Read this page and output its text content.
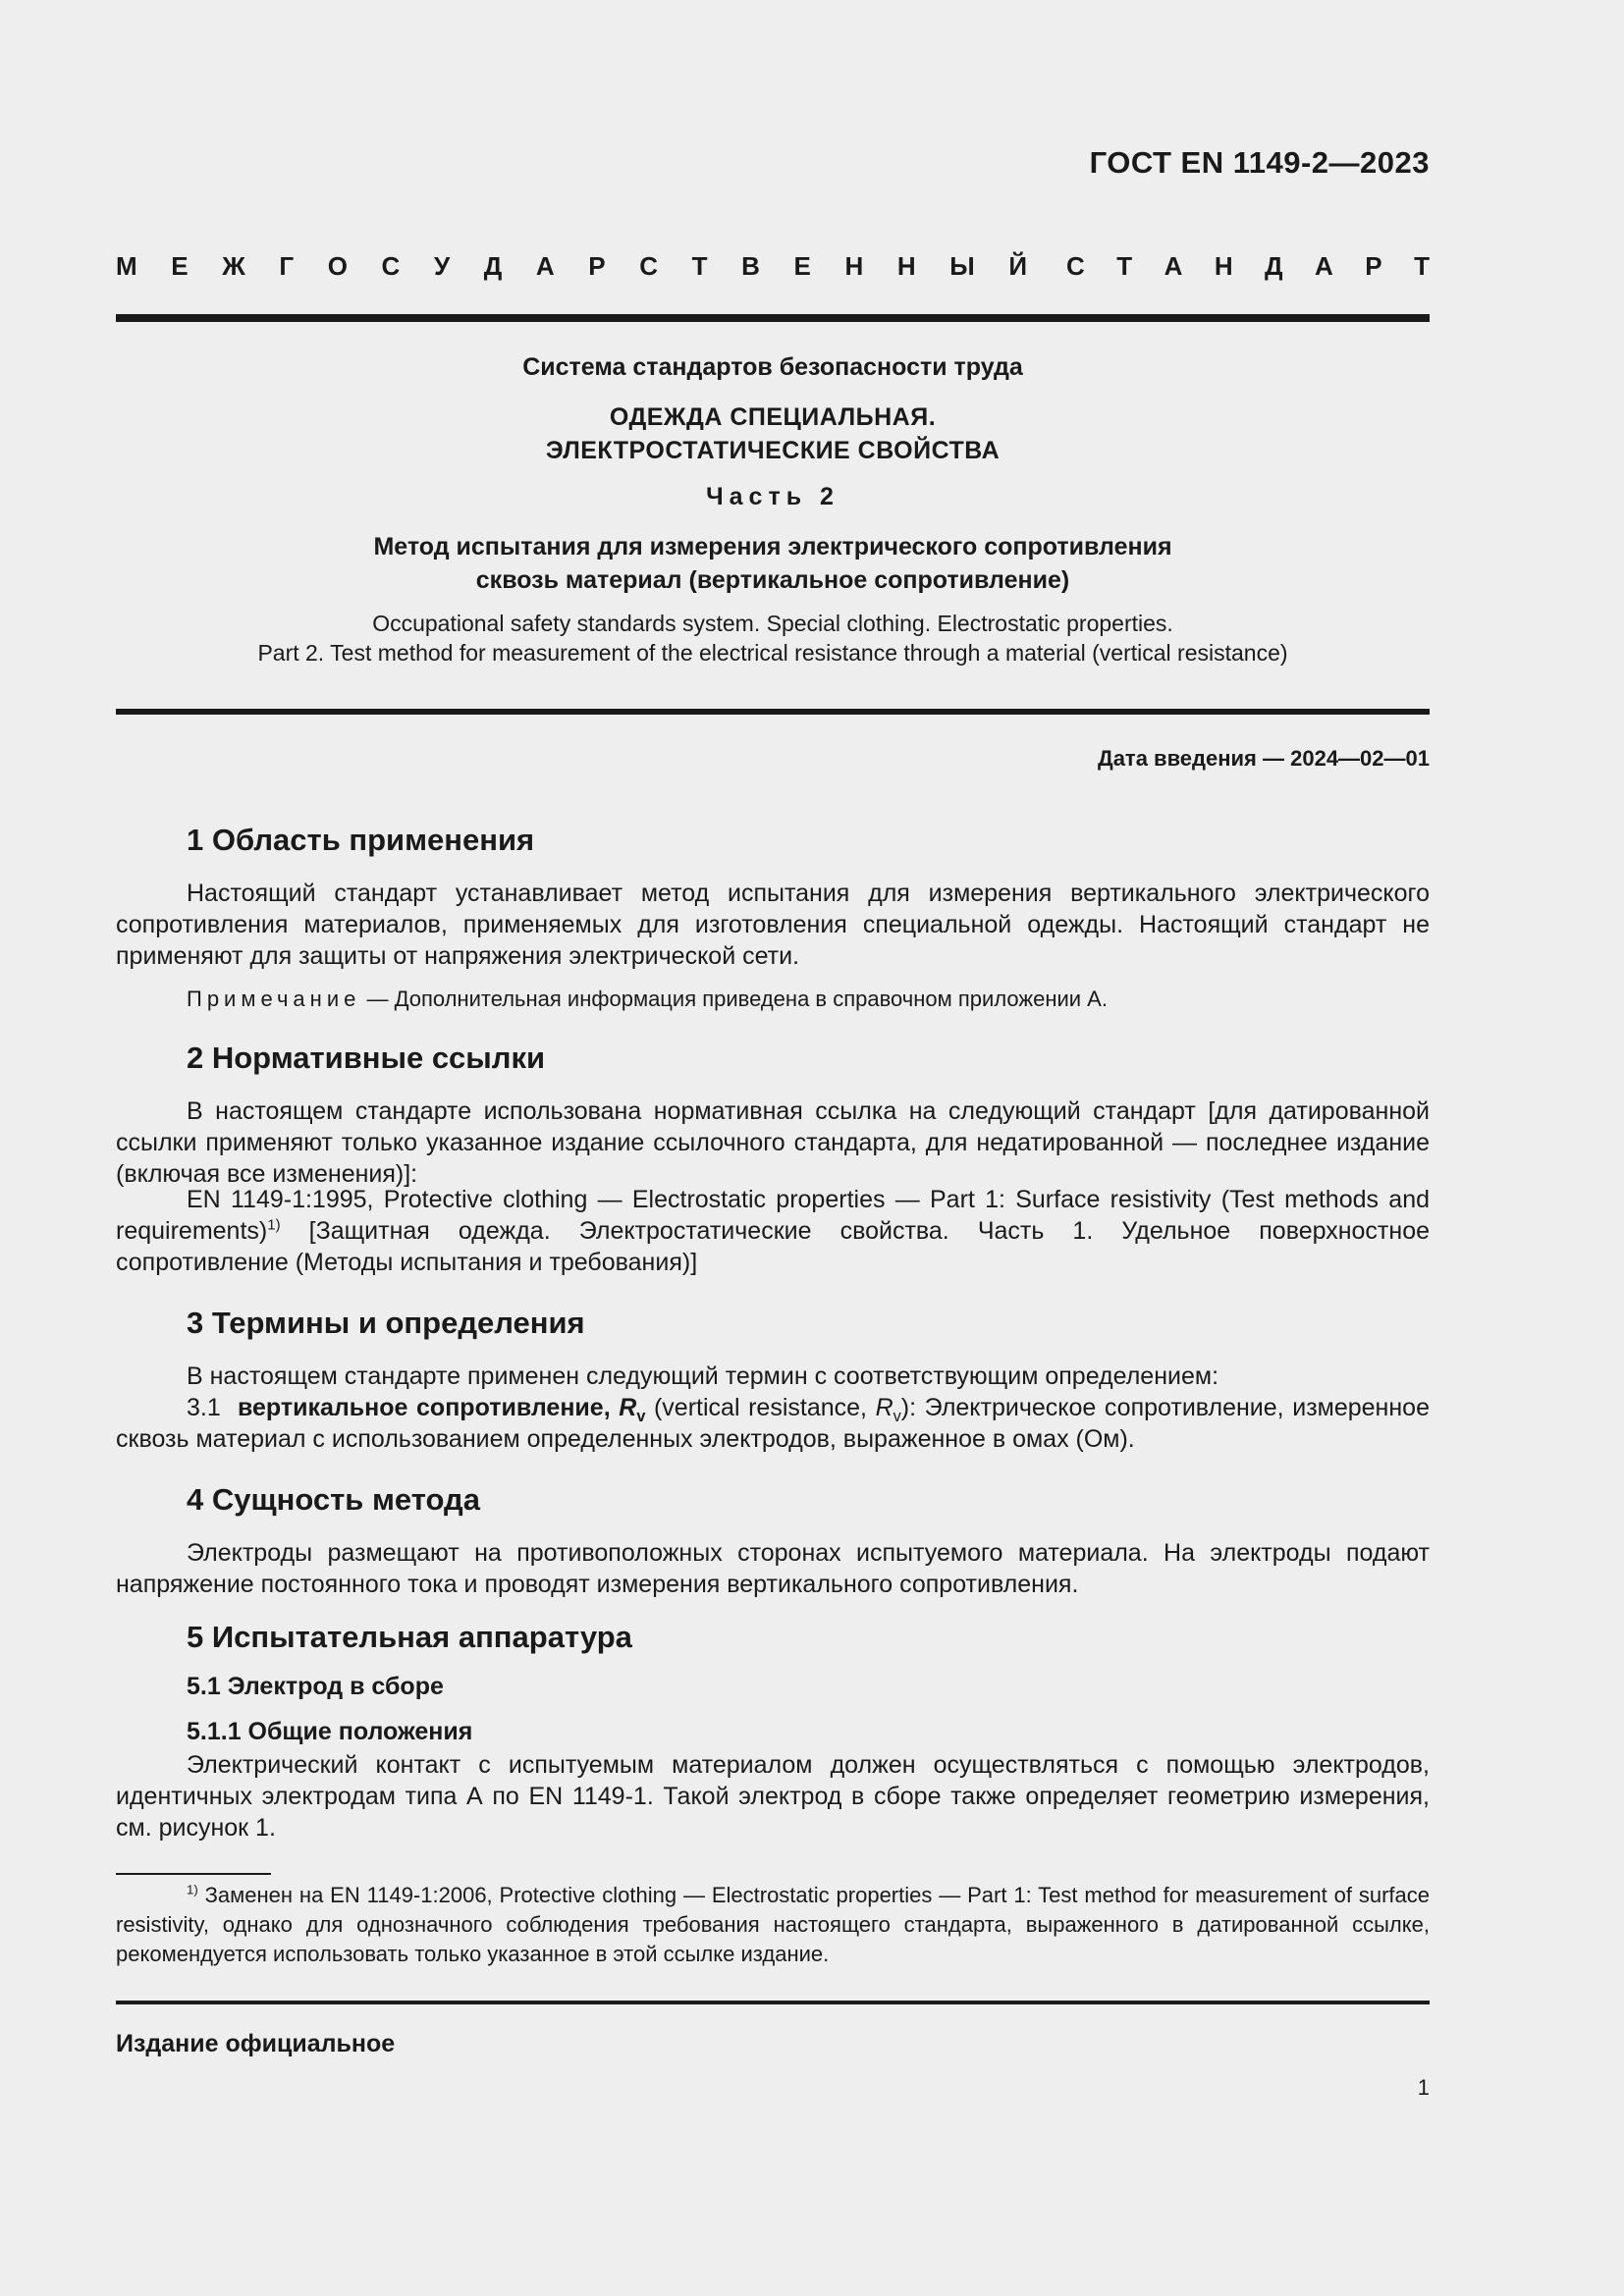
ГОСТ EN 1149-2—2023
М Е Ж Г О С У Д А Р С Т В Е Н Н Ы Й С Т А Н Д А Р Т
Система стандартов безопасности труда
ОДЕЖДА СПЕЦИАЛЬНАЯ.
ЭЛЕКТРОСТАТИЧЕСКИЕ СВОЙСТВА
Часть 2
Метод испытания для измерения электрического сопротивления
сквозь материал (вертикальное сопротивление)
Occupational safety standards system. Special clothing. Electrostatic properties.
Part 2. Test method for measurement of the electrical resistance through a material (vertical resistance)
Дата введения — 2024—02—01
1 Область применения
Настоящий стандарт устанавливает метод испытания для измерения вертикального электрического сопротивления материалов, применяемых для изготовления специальной одежды. Настоящий стандарт не применяют для защиты от напряжения электрической сети.
Примечание — Дополнительная информация приведена в справочном приложении А.
2 Нормативные ссылки
В настоящем стандарте использована нормативная ссылка на следующий стандарт [для датированной ссылки применяют только указанное издание ссылочного стандарта, для недатированной — последнее издание (включая все изменения)]:
EN 1149-1:1995, Protective clothing — Electrostatic properties — Part 1: Surface resistivity (Test methods and requirements)$^{1)}$ [Защитная одежда. Электростатические свойства. Часть 1. Удельное поверхностное сопротивление (Методы испытания и требования)]
3 Термины и определения
В настоящем стандарте применен следующий термин с соответствующим определением:
3.1 вертикальное сопротивление, $R_v$ (vertical resistance, $R_v$): Электрическое сопротивление, измеренное сквозь материал с использованием определенных электродов, выраженное в омах (Ом).
4 Сущность метода
Электроды размещают на противоположных сторонах испытуемого материала. На электроды подают напряжение постоянного тока и проводят измерения вертикального сопротивления.
5 Испытательная аппаратура
5.1 Электрод в сборе
5.1.1 Общие положения
Электрический контакт с испытуемым материалом должен осуществляться с помощью электродов, идентичных электродам типа А по EN 1149-1. Такой электрод в сборе также определяет геометрию измерения, см. рисунок 1.
$^{1)}$ Заменен на EN 1149-1:2006, Protective clothing — Electrostatic properties — Part 1: Test method for measurement of surface resistivity, однако для однозначного соблюдения требования настоящего стандарта, выраженного в датированной ссылке, рекомендуется использовать только указанное в этой ссылке издание.
Издание официальное
1
